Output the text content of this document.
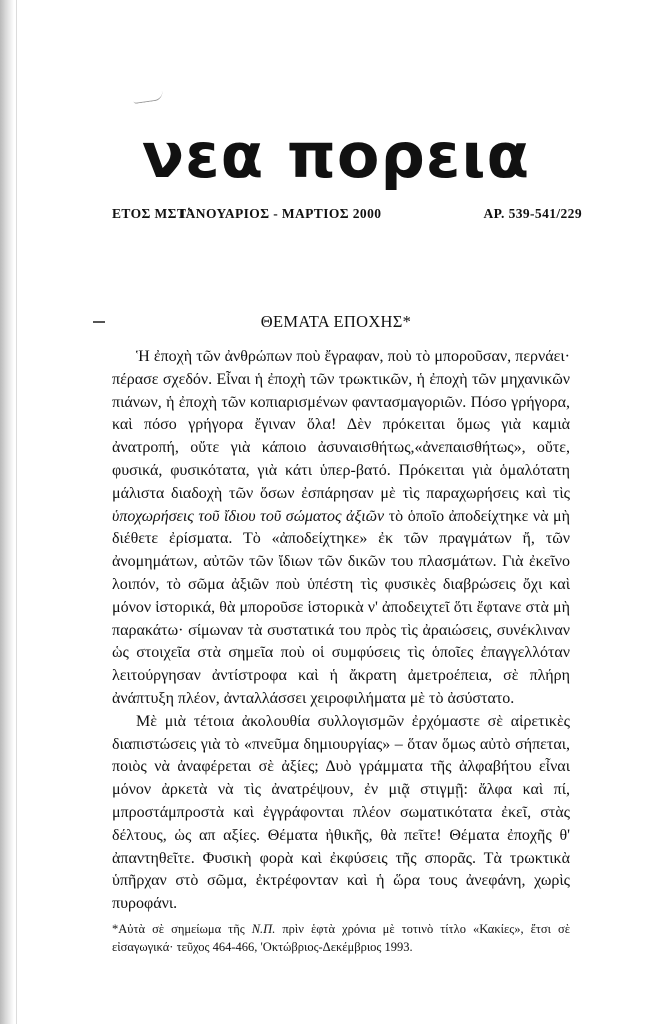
νεα πορεια
ΕΤΟΣ ΜΣΤ΄
ΙΑΝΟΥΑΡΙΟΣ - ΜΑΡΤΙΟΣ 2000	ΑΡ. 539-541/229
ΘΕΜΑΤΑ ΕΠΟΧΗΣ*

Ἡ ἐποχὴ τῶν ἀνθρώπων ποὺ ἔγραφαν, ποὺ τὸ μποροῦσαν, περνάει· πέρασε σχεδόν. Εἶναι ἡ ἐποχὴ τῶν τρωκτικῶν, ἡ ἐποχὴ τῶν μηχανικῶν πιάνων, ἡ ἐποχὴ τῶν κοπιαρισμένων φαντασμαγοριῶν. Πόσο γρήγορα, καὶ πόσο γρήγορα ἔγιναν ὅλα! Δὲν πρόκειται ὅμως γιὰ καμιὰ ἀνατροπή, οὔτε γιὰ κάποιο ἀσυναισθήτως,«ἀνεπαισθήτως», οὔτε, φυσικά, φυσικότατα, γιὰ κάτι ὑπερ-βατό. Πρόκειται γιὰ ὁμαλότατη μάλιστα διαδοχὴ τῶν ὅσων ἐσπάρησαν μὲ τὶς παραχωρήσεις καὶ τὶς ὑποχωρήσεις τοῦ ἴδιου τοῦ σώματος ἀξιῶν τὸ ὁποῖο ἀποδείχτηκε νὰ μὴ διέθετε ἐρίσματα. Τὸ «ἀποδείχτηκε» ἐκ τῶν πραγμάτων ἤ, τῶν ἀνομημάτων, αὐτῶν τῶν ἴδιων τῶν δικῶν του πλασμάτων. Γιὰ ἐκεῖνο λοιπόν, τὸ σῶμα ἀξιῶν ποὺ ὑπέστη τὶς φυσικὲς διαβρώσεις ὄχι καὶ μόνον ἱστορικά, θὰ μποροῦσε ἱστορικὰ ν' ἀποδειχτεῖ ὅτι ἔφτανε στὰ μὴ παρακάτω· σίμωναν τὰ συστατικά του πρὸς τὶς ἀραιώσεις, συνέκλιναν ὡς στοιχεῖα στὰ σημεῖα ποὺ οἱ συμφύσεις τὶς ὁποῖες ἐπαγγελλόταν λειτούργησαν ἀντίστροφα καὶ ἡ ἄκρατη ἀμετροέπεια, σὲ πλήρη ἀνάπτυξη πλέον, ἀνταλλάσσει χειροφιλήματα μὲ τὸ ἀσύστατο.

Μὲ μιὰ τέτοια ἀκολουθία συλλογισμῶν ἐρχόμαστε σὲ αἱρετικὲς διαπιστώσεις γιὰ τὸ «πνεῦμα δημιουργίας» – ὅταν ὅμως αὐτὸ σήπεται, ποιὸς νὰ ἀναφέρεται σὲ ἀξίες; Δυὸ γράμματα τῆς ἀλφαβήτου εἶναι μόνον ἀρκετὰ νὰ τὶς ἀνατρέψουν, ἐν μιᾷ στιγμῇ: ἄλφα καὶ πί, μπροστάμπροστὰ καὶ ἐγγράφονται πλέον σωματικότατα ἐκεῖ, στὰς δέλτους, ὡς απ αξίες. Θέματα ἠθικῆς, θὰ πεῖτε! Θέματα ἐποχῆς θ' ἀπαντηθεῖτε. Φυσικὴ φορὰ καὶ ἐκφύσεις τῆς σπορᾶς. Τὰ τρωκτικὰ ὑπῆρχαν στὸ σῶμα, ἐκτρέφονταν καὶ ἡ ὥρα τους ἀνεφάνη, χωρὶς πυροφάνι.

*Αὐτὰ σὲ σημείωμα τῆς Ν.Π. πρὶν ἑφτὰ χρόνια μὲ τοτινὸ τίτλο «Κακίες», ἔτσι σὲ εἰσαγωγικά· τεῦχος 464-466, 'Οκτώβριος-Δεκέμβριος 1993.
